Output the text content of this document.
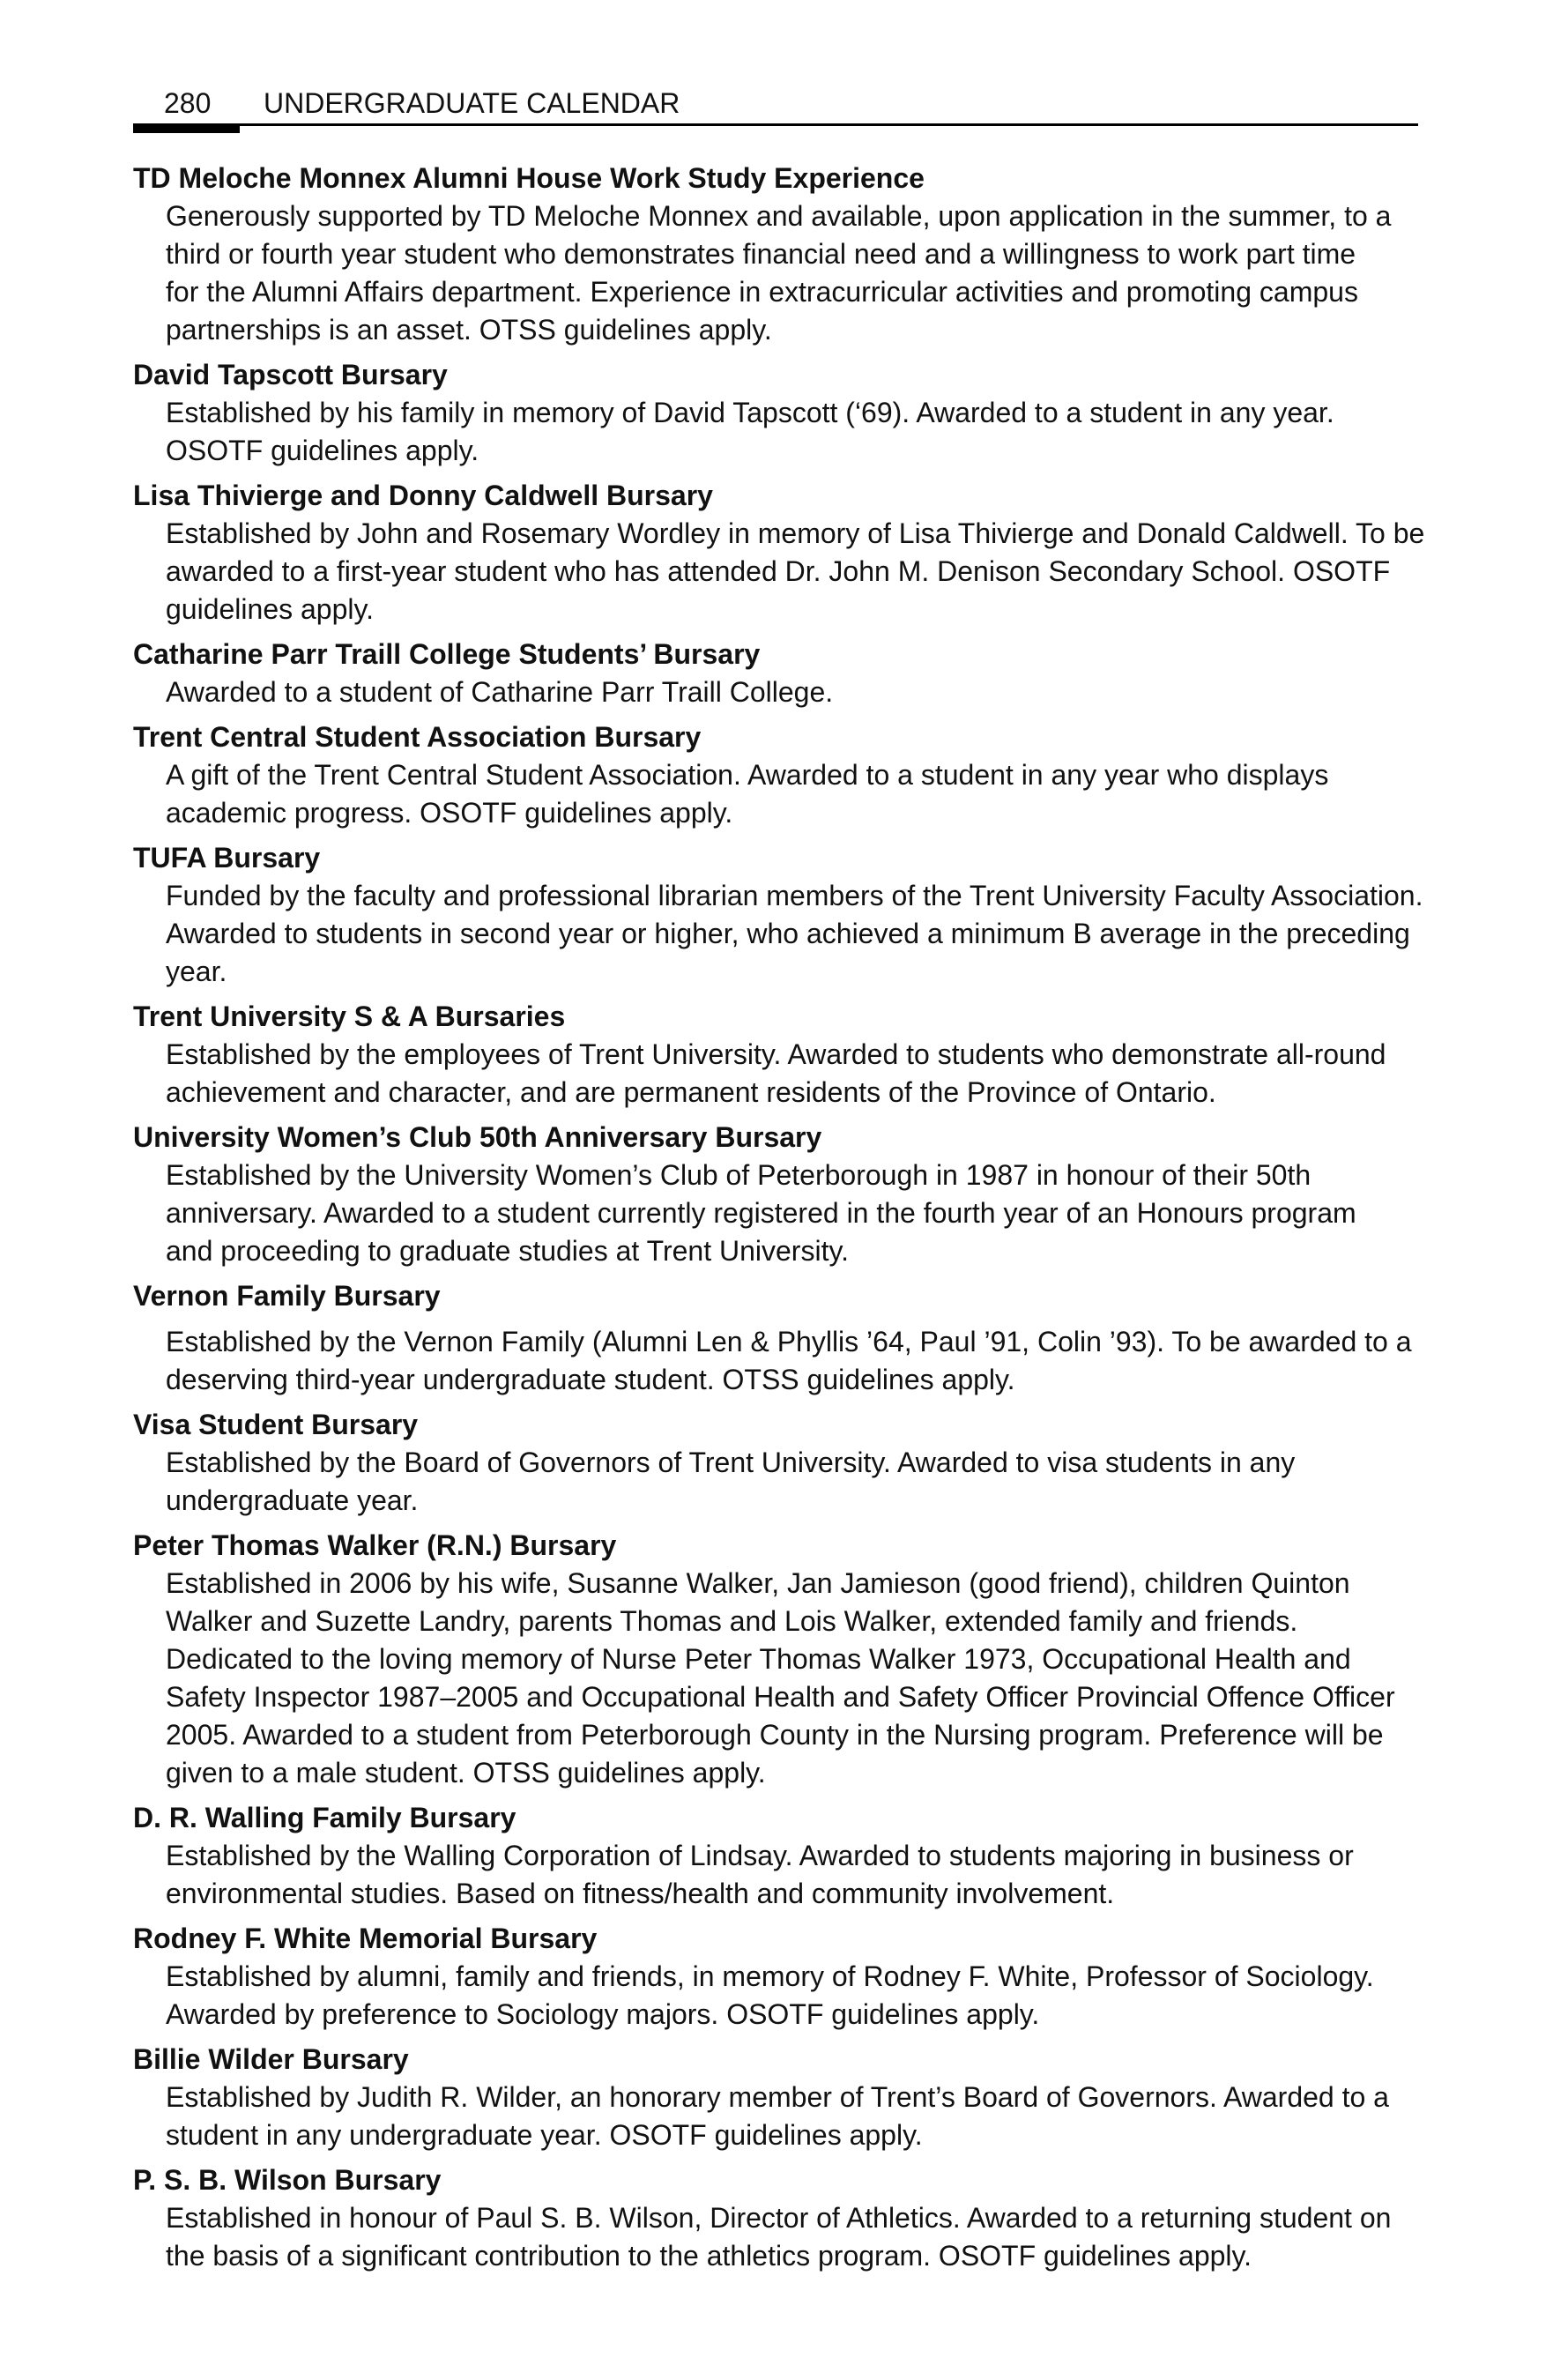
280 UNDERGRADUATE CALENDAR
TD Meloche Monnex Alumni House Work Study Experience
Generously supported by TD Meloche Monnex and available, upon application in the summer, to a
third or fourth year student who demonstrates financial need and a willingness to work part time
for the Alumni Affairs department. Experience in extracurricular activities and promoting campus
partnerships is an asset. OTSS guidelines apply.
David Tapscott Bursary
Established by his family in memory of David Tapscott (‘69). Awarded to a student in any year.
OSOTF guidelines apply.
Lisa Thivierge and Donny Caldwell Bursary
Established by John and Rosemary Wordley in memory of Lisa Thivierge and Donald Caldwell. To be
awarded to a first-year student who has attended Dr. John M. Denison Secondary School. OSOTF
guidelines apply.
Catharine Parr Traill College Students’ Bursary
Awarded to a student of Catharine Parr Traill College.
Trent Central Student Association Bursary
A gift of the Trent Central Student Association. Awarded to a student in any year who displays
academic progress. OSOTF guidelines apply.
TUFA Bursary
Funded by the faculty and professional librarian members of the Trent University Faculty Association.
Awarded to students in second year or higher, who achieved a minimum B average in the preceding
year.
Trent University S & A Bursaries
Established by the employees of Trent University. Awarded to students who demonstrate all-round
achievement and character, and are permanent residents of the Province of Ontario.
University Women’s Club 50th Anniversary Bursary
Established by the University Women’s Club of Peterborough in 1987 in honour of their 50th
anniversary. Awarded to a student currently registered in the fourth year of an Honours program
and proceeding to graduate studies at Trent University.
Vernon Family Bursary
Established by the Vernon Family (Alumni Len & Phyllis ’64, Paul ’91, Colin ’93). To be awarded to a
deserving third-year undergraduate student. OTSS guidelines apply.
Visa Student Bursary
Established by the Board of Governors of Trent University. Awarded to visa students in any
undergraduate year.
Peter Thomas Walker (R.N.) Bursary
Established in 2006 by his wife, Susanne Walker, Jan Jamieson (good friend), children Quinton
Walker and Suzette Landry, parents Thomas and Lois Walker, extended family and friends.
Dedicated to the loving memory of Nurse Peter Thomas Walker 1973, Occupational Health and
Safety Inspector 1987–2005 and Occupational Health and Safety Officer Provincial Offence Officer
2005. Awarded to a student from Peterborough County in the Nursing program. Preference will be
given to a male student. OTSS guidelines apply.
D. R. Walling Family Bursary
Established by the Walling Corporation of Lindsay. Awarded to students majoring in business or
environmental studies. Based on fitness/health and community involvement.
Rodney F. White Memorial Bursary
Established by alumni, family and friends, in memory of Rodney F. White, Professor of Sociology.
Awarded by preference to Sociology majors. OSOTF guidelines apply.
Billie Wilder Bursary
Established by Judith R. Wilder, an honorary member of Trent’s Board of Governors. Awarded to a
student in any undergraduate year. OSOTF guidelines apply.
P. S. B. Wilson Bursary
Established in honour of Paul S. B. Wilson, Director of Athletics. Awarded to a returning student on
the basis of a significant contribution to the athletics program. OSOTF guidelines apply.
